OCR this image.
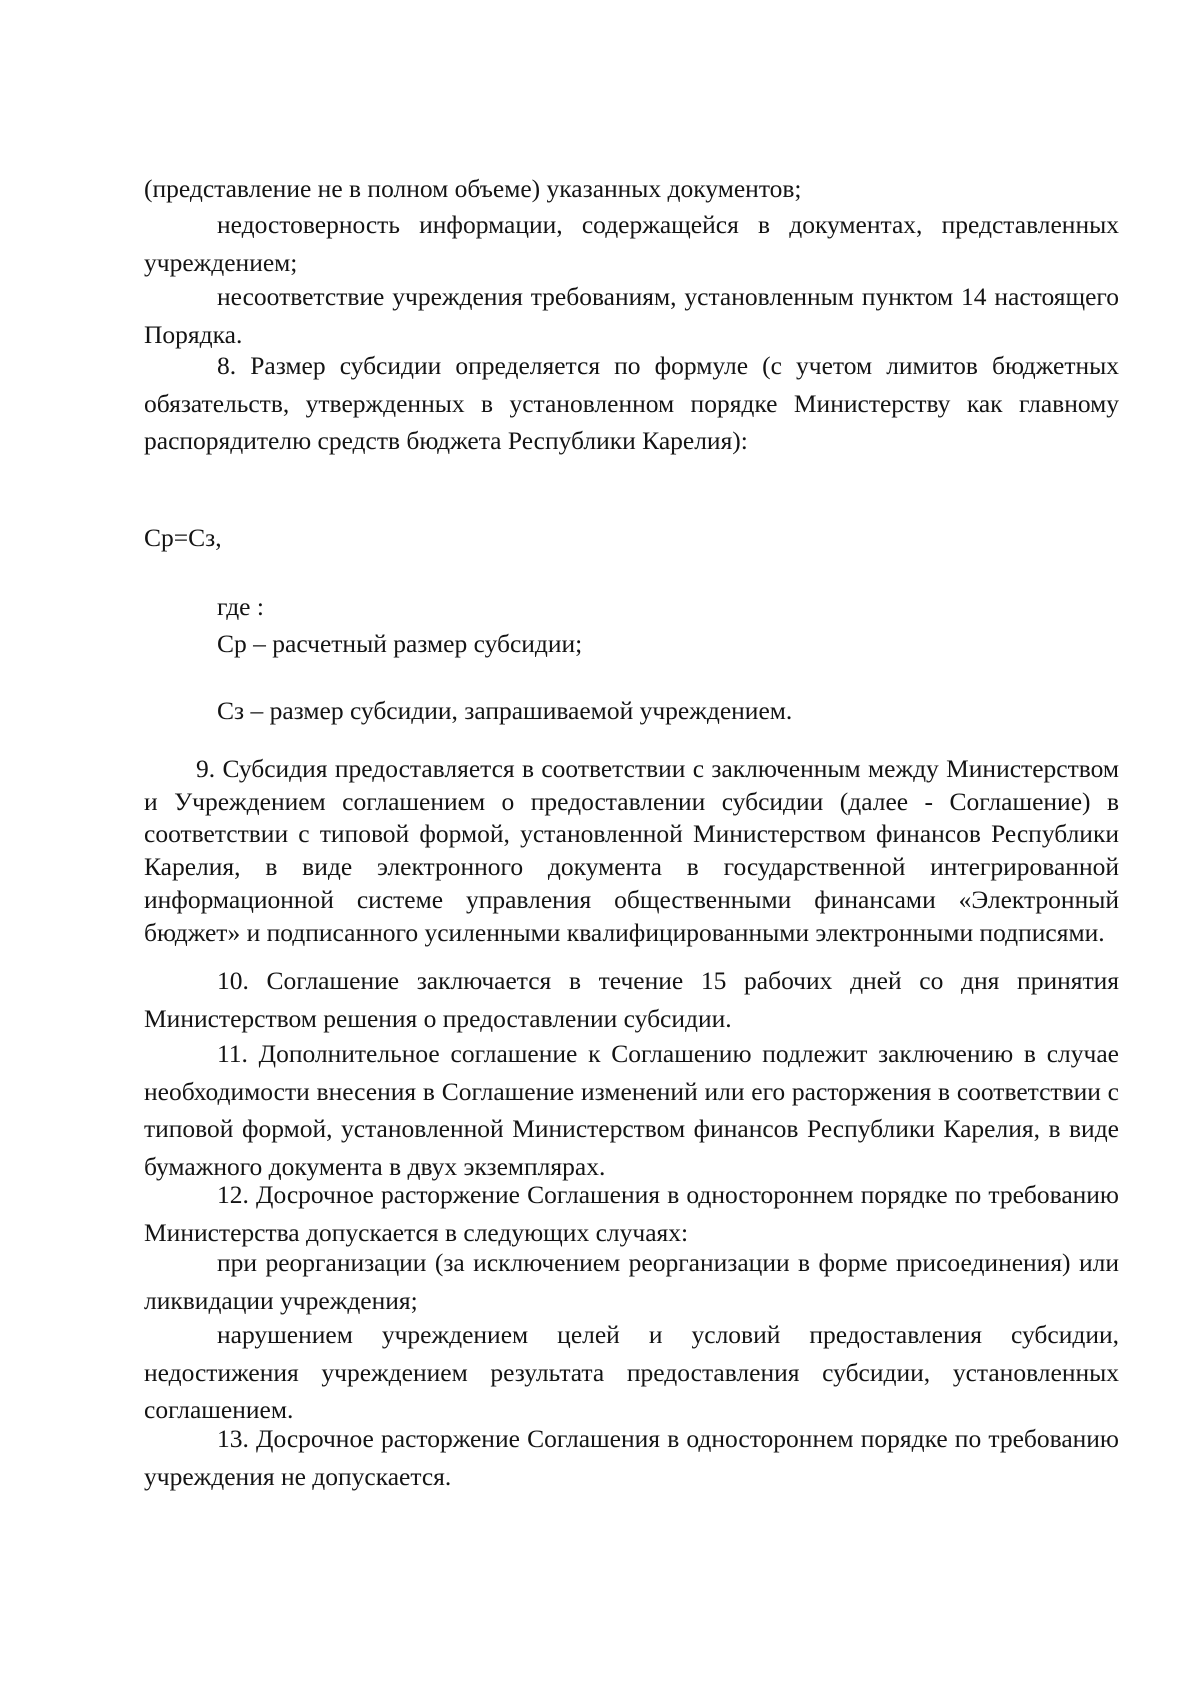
(представление не в полном объеме) указанных документов;

недостоверность информации, содержащейся в документах, представленных учреждением;

несоответствие учреждения требованиям, установленным пунктом 14 настоящего Порядка.

8. Размер субсидии определяется по формуле (с учетом лимитов бюджетных обязательств, утвержденных в установленном порядке Министерству как главному распорядителю средств бюджета Республики Карелия):

Ср=Сз,

где :

Ср – расчетный размер субсидии;

Сз – размер субсидии, запрашиваемой учреждением.

9. Субсидия предоставляется в соответствии с заключенным между Министерством и Учреждением соглашением о предоставлении субсидии (далее - Соглашение) в соответствии с типовой формой, установленной Министерством финансов Республики Карелия, в виде электронного документа в государственной интегрированной информационной системе управления общественными финансами «Электронный бюджет» и подписанного усиленными квалифицированными электронными подписями.

10. Соглашение заключается в течение 15 рабочих дней со дня принятия Министерством решения о предоставлении субсидии.

11. Дополнительное соглашение к Соглашению подлежит заключению в случае необходимости внесения в Соглашение изменений или его расторжения в соответствии с типовой формой, установленной Министерством финансов Республики Карелия, в виде бумажного документа в двух экземплярах.

12. Досрочное расторжение Соглашения в одностороннем порядке по требованию Министерства допускается в следующих случаях:

при реорганизации (за исключением реорганизации в форме присоединения) или ликвидации учреждения;

нарушением учреждением целей и условий предоставления субсидии, недостижения учреждением результата предоставления субсидии, установленных соглашением.

13. Досрочное расторжение Соглашения в одностороннем порядке по требованию учреждения не допускается.
